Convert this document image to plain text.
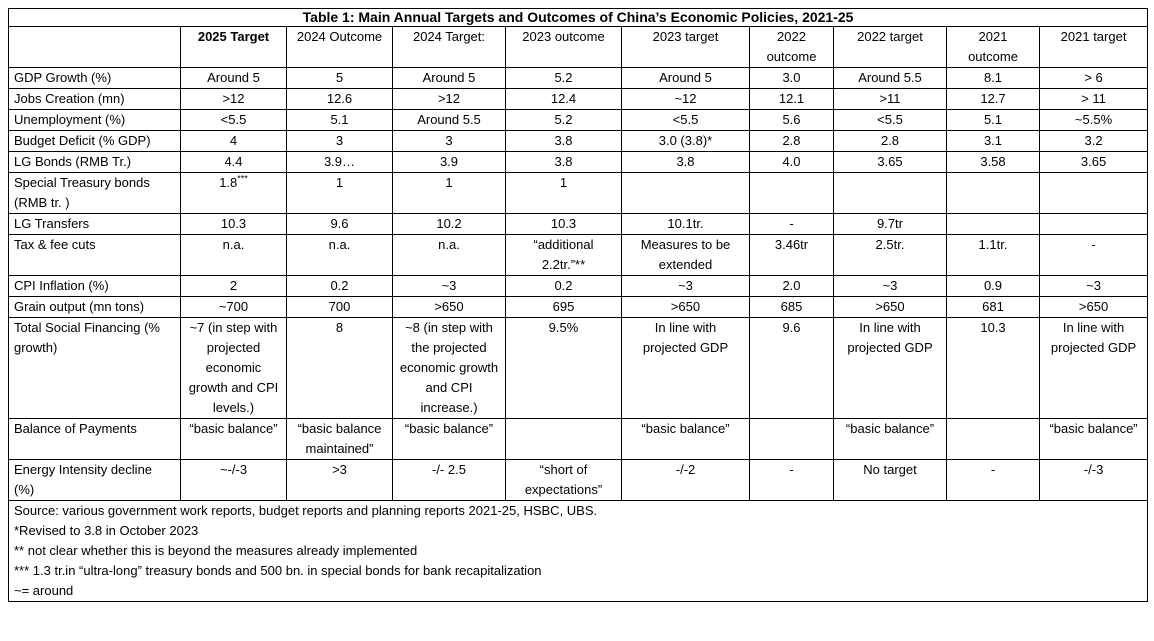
Table 1: Main Annual Targets and Outcomes of China’s Economic Policies, 2021-25									
	2025 Target	2024 Outcome	2024 Target:	2023 outcome	2023 target	2022 outcome	2022 target	2021 outcome	2021 target
GDP Growth (%)	Around 5	5	Around 5	5.2	Around 5	3.0	Around 5.5	8.1	> 6
Jobs Creation (mn)	>12	12.6	>12	12.4	~12	12.1	>11	12.7	> 11
Unemployment (%)	<5.5	5.1	Around 5.5	5.2	<5.5	5.6	<5.5	5.1	~5.5%
Budget Deficit (% GDP)	4	3	3	3.8	3.0 (3.8)*	2.8	2.8	3.1	3.2
LG Bonds (RMB Tr.)	4.4	3.9…	3.9	3.8	3.8	4.0	3.65	3.58	3.65
Special Treasury bonds (RMB tr. )	1.8***	1	1	1					
LG Transfers	10.3	9.6	10.2	10.3	10.1tr.	-	9.7tr		
Tax & fee cuts	n.a.	n.a.	n.a.	“additional 2.2tr.”**	Measures to be extended	3.46tr	2.5tr.	1.1tr.	-
CPI Inflation (%)	2	0.2	~3	0.2	~3	2.0	~3	0.9	~3
Grain output (mn tons)	~700	700	>650	695	>650	685	>650	681	>650
Total Social Financing (% growth)	~7 (in step with projected economic growth and CPI levels.)	8	~8 (in step with the projected economic growth and CPI increase.)	9.5%	In line with projected GDP	9.6	In line with projected GDP	10.3	In line with projected GDP
Balance of Payments	“basic balance”	“basic balance maintained”	“basic balance”		“basic balance”		“basic balance”		“basic balance”
Energy Intensity decline (%)	~-/-3	>3	-/- 2.5	“short of expectations”	-/-2	-	No target	-	-/-3

Source: various government work reports, budget reports and planning reports 2021-25, HSBC, UBS.
*Revised to 3.8 in October 2023
** not clear whether this is beyond the measures already implemented
*** 1.3 tr.in “ultra-long” treasury bonds and 500 bn. in special bonds for bank recapitalization
~= around									
